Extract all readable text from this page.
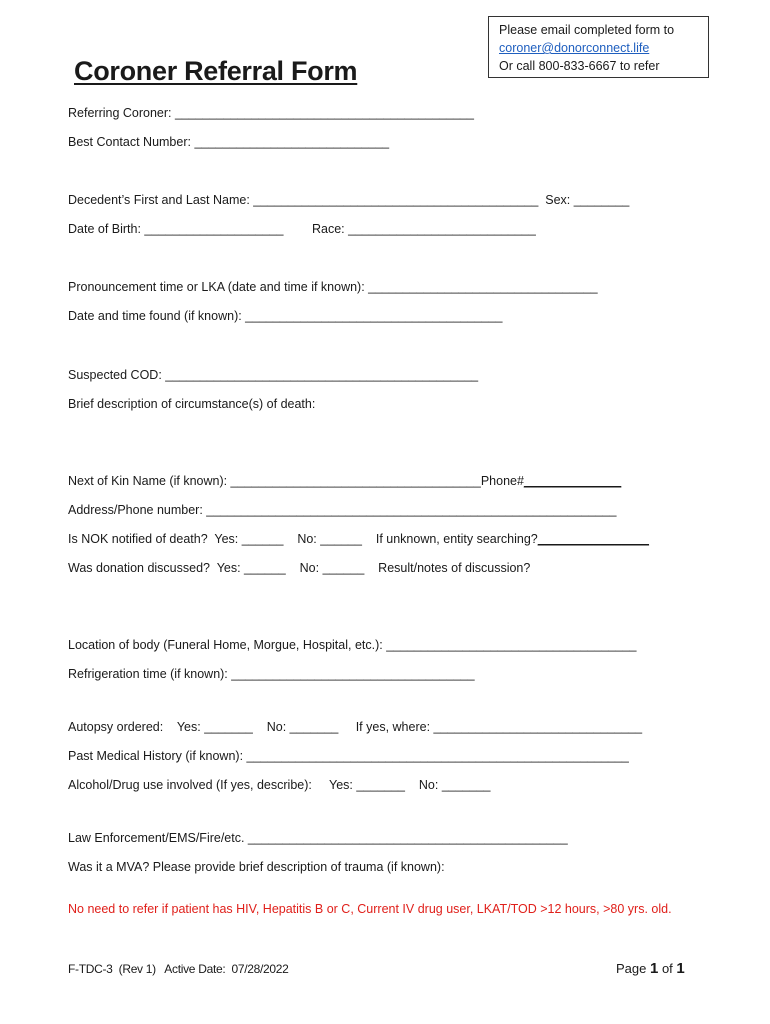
Please email completed form to
coroner@donorconnect.life
Or call 800-833-6667 to refer
Coroner Referral Form
Referring Coroner: ___________________________________________
Best Contact Number: ____________________________
Decedent’s First and Last Name: _________________________________________  Sex: ________
Date of Birth: ____________________ Race: ___________________________
Pronouncement time or LKA (date and time if known): _________________________________
Date and time found (if known): _____________________________________
Suspected COD: _____________________________________________
Brief description of circumstance(s) of death:
Next of Kin Name (if known): ____________________________________Phone#______________
Address/Phone number: ___________________________________________________________
Is NOK notified of death?  Yes: ______    No: ______    If unknown, entity searching?________________
Was donation discussed?  Yes: ______    No: ______    Result/notes of discussion?
Location of body (Funeral Home, Morgue, Hospital, etc.): ____________________________________
Refrigeration time (if known): ___________________________________
Autopsy ordered:    Yes: _______    No: _______     If yes, where: ______________________________
Past Medical History (if known): _______________________________________________________
Alcohol/Drug use involved (If yes, describe):     Yes: _______    No: _______
Law Enforcement/EMS/Fire/etc. ______________________________________________
Was it a MVA? Please provide brief description of trauma (if known):
No need to refer if patient has HIV, Hepatitis B or C, Current IV drug user, LKAT/TOD >12 hours, >80 yrs. old.
F-TDC-3  (Rev 1)   Active Date:  07/28/2022	Page 1 of 1
